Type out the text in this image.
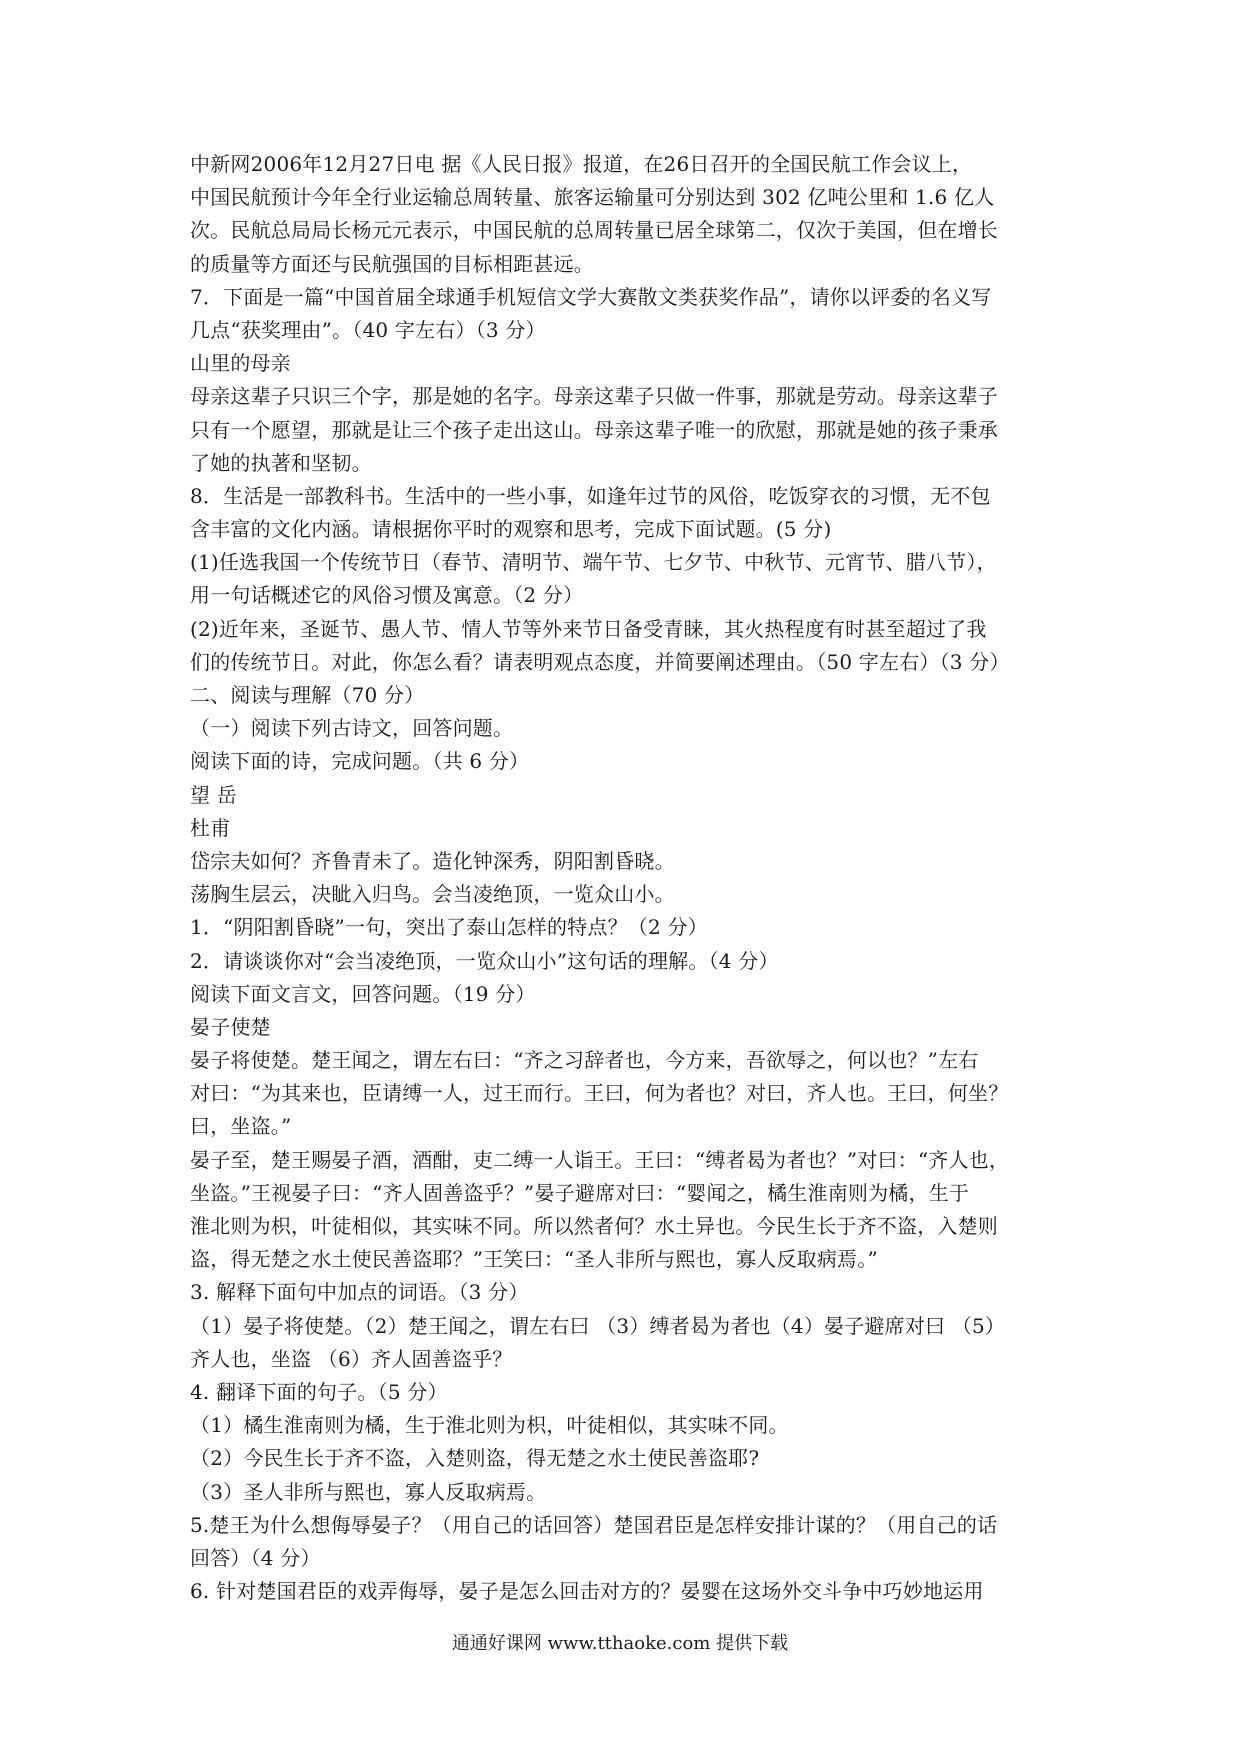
中新网2006年12月27日电 据《人民日报》报道，在26日召开的全国民航工作会议上，

中国民航预计今年全行业运输总周转量、旅客运输量可分别达到 302 亿吨公里和 1.6 亿人

次。民航总局局长杨元元表示，中国民航的总周转量已居全球第二，仅次于美国，但在增长

的质量等方面还与民航强国的目标相距甚远。

7．下面是一篇“中国首届全球通手机短信文学大赛散文类获奖作品”，请你以评委的名义写

几点“获奖理由”。（40 字左右）（3 分）

山里的母亲

母亲这辈子只识三个字，那是她的名字。母亲这辈子只做一件事，那就是劳动。母亲这辈子

只有一个愿望，那就是让三个孩子走出这山。母亲这辈子唯一的欣慰，那就是她的孩子秉承

了她的执著和坚韧。

8．生活是一部教科书。生活中的一些小事，如逢年过节的风俗，吃饭穿衣的习惯，无不包

含丰富的文化内涵。请根据你平时的观察和思考，完成下面试题。(5 分)

(1)任选我国一个传统节日（春节、清明节、端午节、七夕节、中秋节、元宵节、腊八节），

用一句话概述它的风俗习惯及寓意。（2 分）

(2)近年来，圣诞节、愚人节、情人节等外来节日备受青睐，其火热程度有时甚至超过了我

们的传统节日。对此，你怎么看？请表明观点态度，并简要阐述理由。（50 字左右）（3 分）

二、阅读与理解（70 分）

（一）阅读下列古诗文，回答问题。

阅读下面的诗，完成问题。（共 6 分）

望 岳

杜甫

岱宗夫如何？齐鲁青未了。造化钟深秀，阴阳割昏晓。

荡胸生层云，决眦入归鸟。会当凌绝顶，一览众山小。

1．“阴阳割昏晓”一句，突出了泰山怎样的特点？（2 分）

2．请谈谈你对“会当凌绝顶，一览众山小”这句话的理解。（4 分）

阅读下面文言文，回答问题。（19 分）

晏子使楚

晏子将使楚。楚王闻之，谓左右曰：“齐之习辞者也，今方来，吾欲辱之，何以也？”左右

对曰：“为其来也，臣请缚一人，过王而行。王曰，何为者也？对曰，齐人也。王曰，何坐？

曰，坐盗。”

晏子至，楚王赐晏子酒，酒酣，吏二缚一人诣王。王曰：“缚者曷为者也？”对曰：“齐人也，

坐盗。”王视晏子曰：“齐人固善盗乎？”晏子避席对曰：“婴闻之，橘生淮南则为橘，生于

淮北则为枳，叶徒相似，其实味不同。所以然者何？水土异也。今民生长于齐不盗，入楚则

盗，得无楚之水土使民善盗耶？”王笑曰：“圣人非所与熙也，寡人反取病焉。”

3. 解释下面句中加点的词语。（3 分）

（1）晏子将使楚。（2）楚王闻之，谓左右曰 （3）缚者曷为者也（4）晏子避席对曰 （5）

齐人也，坐盗 （6）齐人固善盗乎？

4. 翻译下面的句子。（5 分）

（1）橘生淮南则为橘，生于淮北则为枳，叶徒相似，其实味不同。

（2）今民生长于齐不盗，入楚则盗，得无楚之水土使民善盗耶?

（3）圣人非所与熙也，寡人反取病焉。

5.楚王为什么想侮辱晏子？（用自己的话回答）楚国君臣是怎样安排计谋的？（用自己的话

回答）（4 分）

6. 针对楚国君臣的戏弄侮辱，晏子是怎么回击对方的？晏婴在这场外交斗争中巧妙地运用

通通好课网 www.tthaoke.com 提供下载
